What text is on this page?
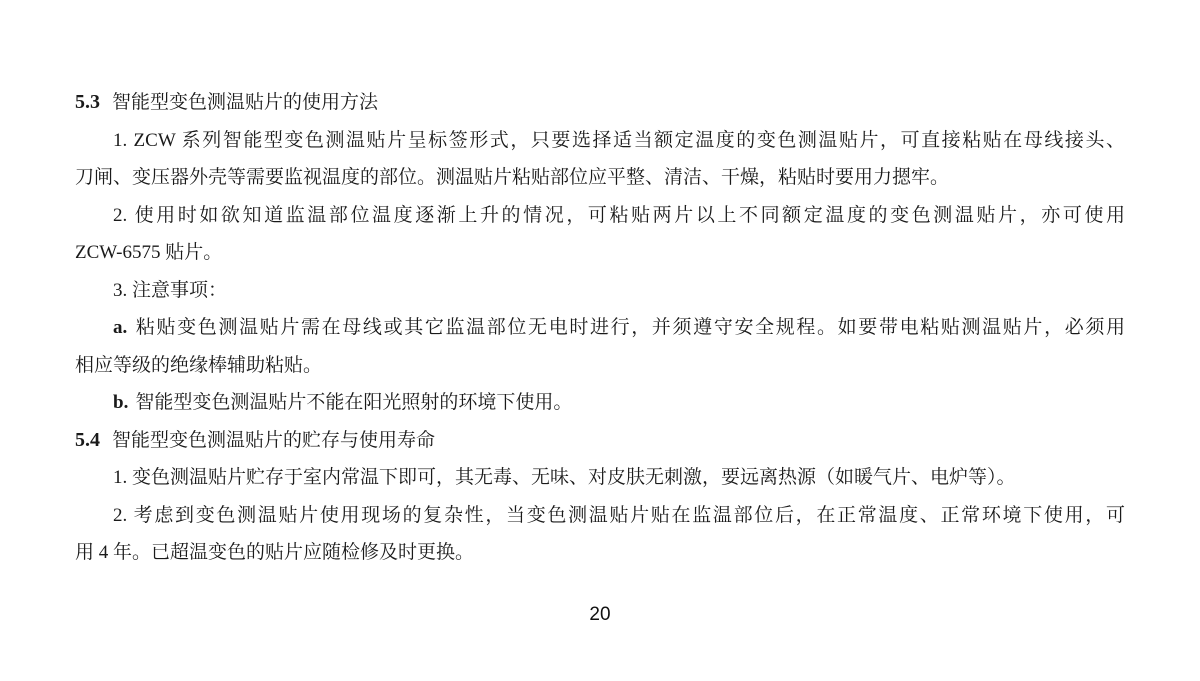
5.3 智能型变色测温贴片的使用方法
1. ZCW 系列智能型变色测温贴片呈标签形式，只要选择适当额定温度的变色测温贴片，可直接粘贴在母线接头、
刀闸、变压器外壳等需要监视温度的部位。测温贴片粘贴部位应平整、清洁、干燥，粘贴时要用力摁牢。
2. 使用时如欲知道监温部位温度逐渐上升的情况，可粘贴两片以上不同额定温度的变色测温贴片，亦可使用
ZCW-6575 贴片。
3. 注意事项：
a. 粘贴变色测温贴片需在母线或其它监温部位无电时进行，并须遵守安全规程。如要带电粘贴测温贴片，必须用
相应等级的绝缘棒辅助粘贴。
b. 智能型变色测温贴片不能在阳光照射的环境下使用。
5.4 智能型变色测温贴片的贮存与使用寿命
1. 变色测温贴片贮存于室内常温下即可，其无毒、无味、对皮肤无刺激，要远离热源（如暖气片、电炉等）。
2. 考虑到变色测温贴片使用现场的复杂性，当变色测温贴片贴在监温部位后，在正常温度、正常环境下使用，可
用 4 年。已超温变色的贴片应随检修及时更换。
20
